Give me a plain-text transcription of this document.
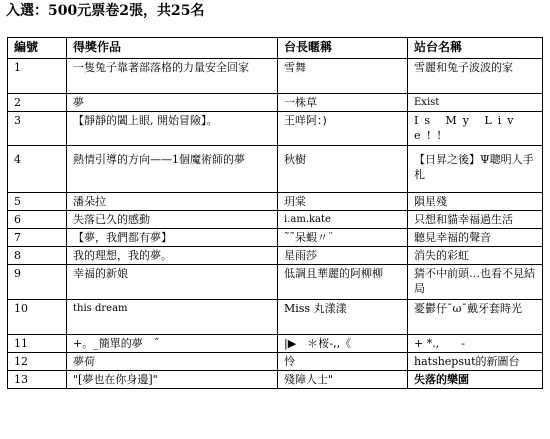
入選：500元票卷2張，共25名
編號	得獎作品	台長暱稱	站台名稱
1	一隻兔子靠著部落格的力量安全回家	雪舞	雪麗和兔子波波的家
2	夢	一株草	Exist
3	【靜靜的闔上眼, 開始冒險】。	王咩阿：)	Is My Live!!
4	熱情引導的方向——1個魔術師的夢	秋樹	【日昇之後】Ψ聰明人手札
5	潘朵拉	玥棠	隕星殘
6	失落已久的感動	i.am.kate	只想和貓幸福過生活
7	【夢，我們都有夢】	˜˜呆蝦〃¨	聽見幸福的聲音
8	我的理想，我的夢。	星雨莎	消失的彩虹
9	幸福的新娘	低調且華麗的阿柳柳	猜不中前頭…也看不見結局
10	this dream	Miss 丸漾漾	憂鬱仔¯ω¯戴牙套時光
11	+。_簡單的夢　˝	|▶　＊桜-,,《	+ *.,　　-
12	夢荷	怜	hatshepsut的新圖台
13	"[夢也在你身邊]"	殘障人士"	失落的樂園
